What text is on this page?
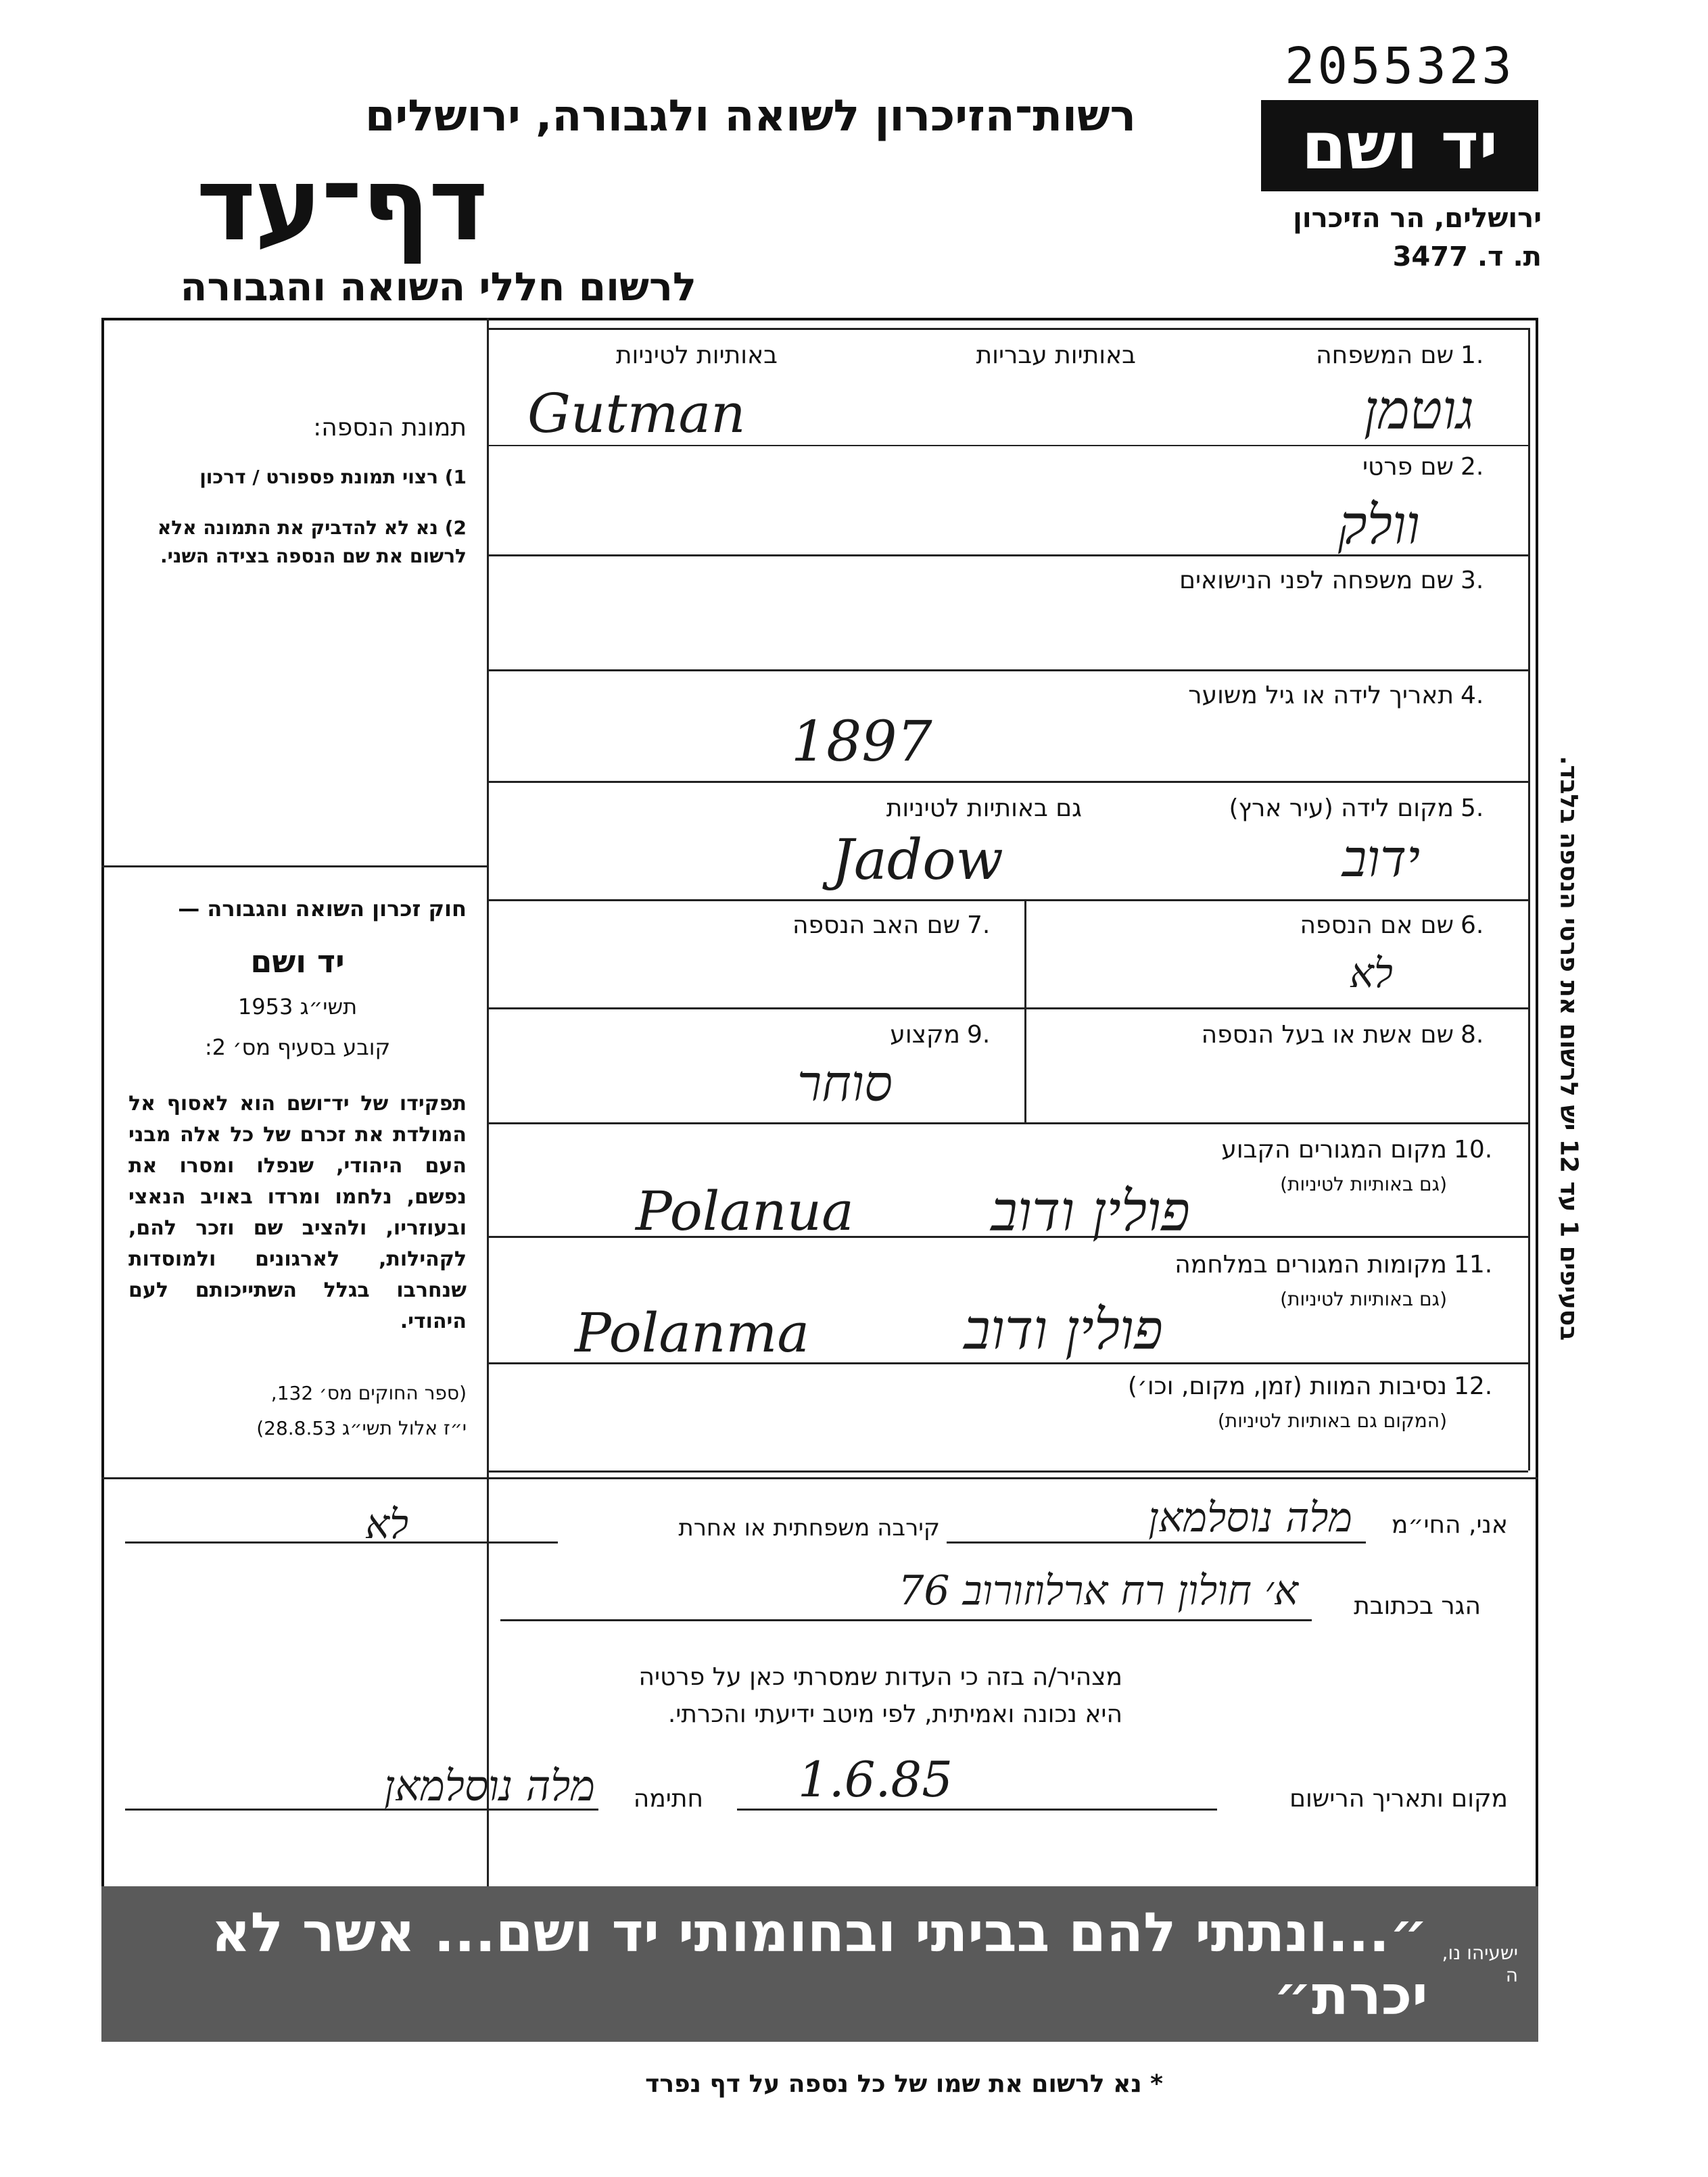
2055323
יד ושם
ירושלים, הר הזיכרון
ת. ד. 3477
רשות־הזיכרון לשואה ולגבורה, ירושלים
דף־עד
לרשום חללי השואה והגבורה
תמונת הנספה:
1) רצוי תמונת פספורט / דרכון
2) נא לא להדביק את התמונה אלא לרשום את שם הנספה בצידה השני.
חוק זכרון השואה והגבורה —
יד ושם
תשי״ג 1953
קובע בסעיף מס׳ 2:
תפקידו של יד־ושם הוא לאסוף אל המולדת את זכרם של כל אלה מבני העם היהודי, שנפלו ומסרו את נפשם, נלחמו ומרדו באויב הנאצי ובעוזריו, ולהציב שם וזכר להם, לקהילות, לארגונים ולמוסדות שנחרבו בגלל השתייכותם לעם היהודי.
(ספר החוקים מס׳ 132,
י״ז אלול תשי״ג 28.8.53)
1.
שם המשפחה
באותיות עבריות
באותיות לטיניות
גוטמן
Gutman
2.
שם פרטי
וולק
3.
שם משפחה לפני הנישואים
4.
תאריך לידה או גיל משוער
1897
5.
מקום לידה (עיר ארץ)
גם באותיות לטיניות
ידוב
Jadow
6.
שם אם הנספה
לא
7.
שם האב הנספה
8.
שם אשת או בעל הנספה
9.
מקצוע
סוחר
10.
מקום המגורים הקבוע
(גם באותיות לטיניות)
פולין ודוב
Polanua
11.
מקומות המגורים במלחמה
(גם באותיות לטיניות)
פולין ודוב
Polanma
12.
נסיבות המוות (זמן, מקום, וכו׳)
(המקום גם באותיות לטיניות)
אני, החי״מ
מלה נוסלמאן
קירבה משפחתית או אחרת
לא
הגר בכתובת
א׳ חולון רח ארלוזורוב 76
מצהיר/ה בזה כי העדות שמסרתי כאן על פרטיה
היא נכונה ואמיתית, לפי מיטב ידיעתי והכרתי.
מקום ותאריך הרישום
1.6.85
חתימה
מלה נוסלמאן
ישעיהו נו, ה
״...ונתתי להם בביתי ובחומותי יד ושם... אשר לא יכרת״
בסעיפים 1 עד 12 יש לרשום את פרטי הנספה בלבד.
* נא לרשום את שמו של כל נספה על דף נפרד
